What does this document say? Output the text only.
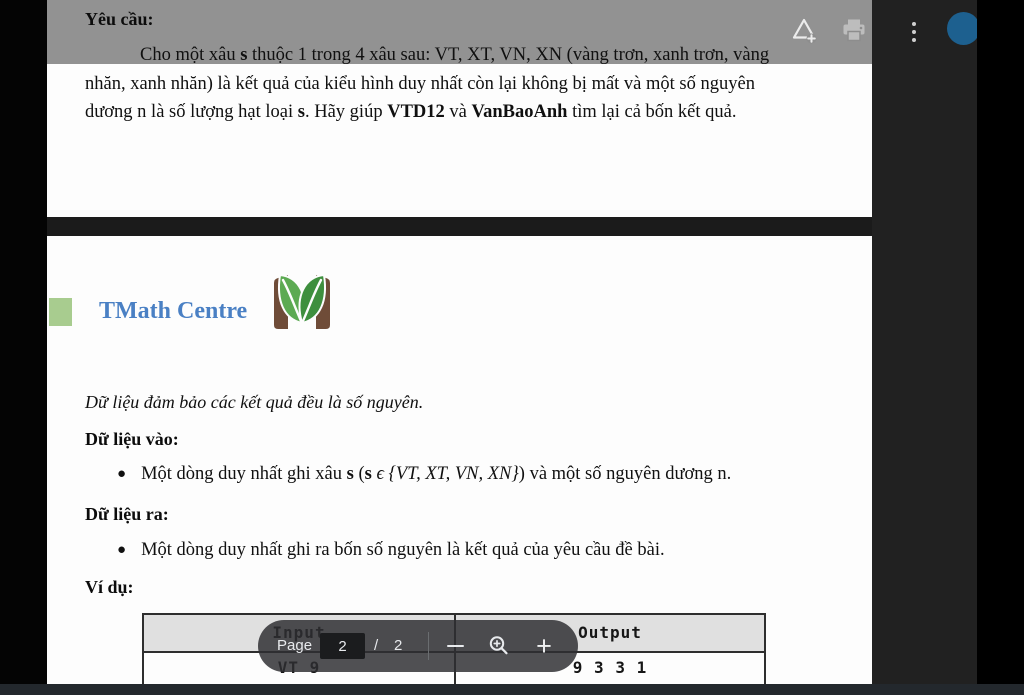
Yêu cầu:
Cho một xâu s thuộc 1 trong 4 xâu sau: VT, XT, VN, XN (vàng trơn, xanh trơn, vàng
nhăn, xanh nhăn) là kết quả của kiểu hình duy nhất còn lại không bị mất và một số nguyên
dương n là số lượng hạt loại s. Hãy giúp VTD12 và VanBaoAnh tìm lại cả bốn kết quả.
TMath Centre
Dữ liệu đảm bảo các kết quả đều là số nguyên.
Dữ liệu vào:
● Một dòng duy nhất ghi xâu s (s ϵ {VT, XT, VN, XN}) và một số nguyên dương n.
Dữ liệu ra:
● Một dòng duy nhất ghi ra bốn số nguyên là kết quả của yêu cầu đề bài.
Ví dụ:
Output
9 3 3 1
Page
2	/ 2	+
